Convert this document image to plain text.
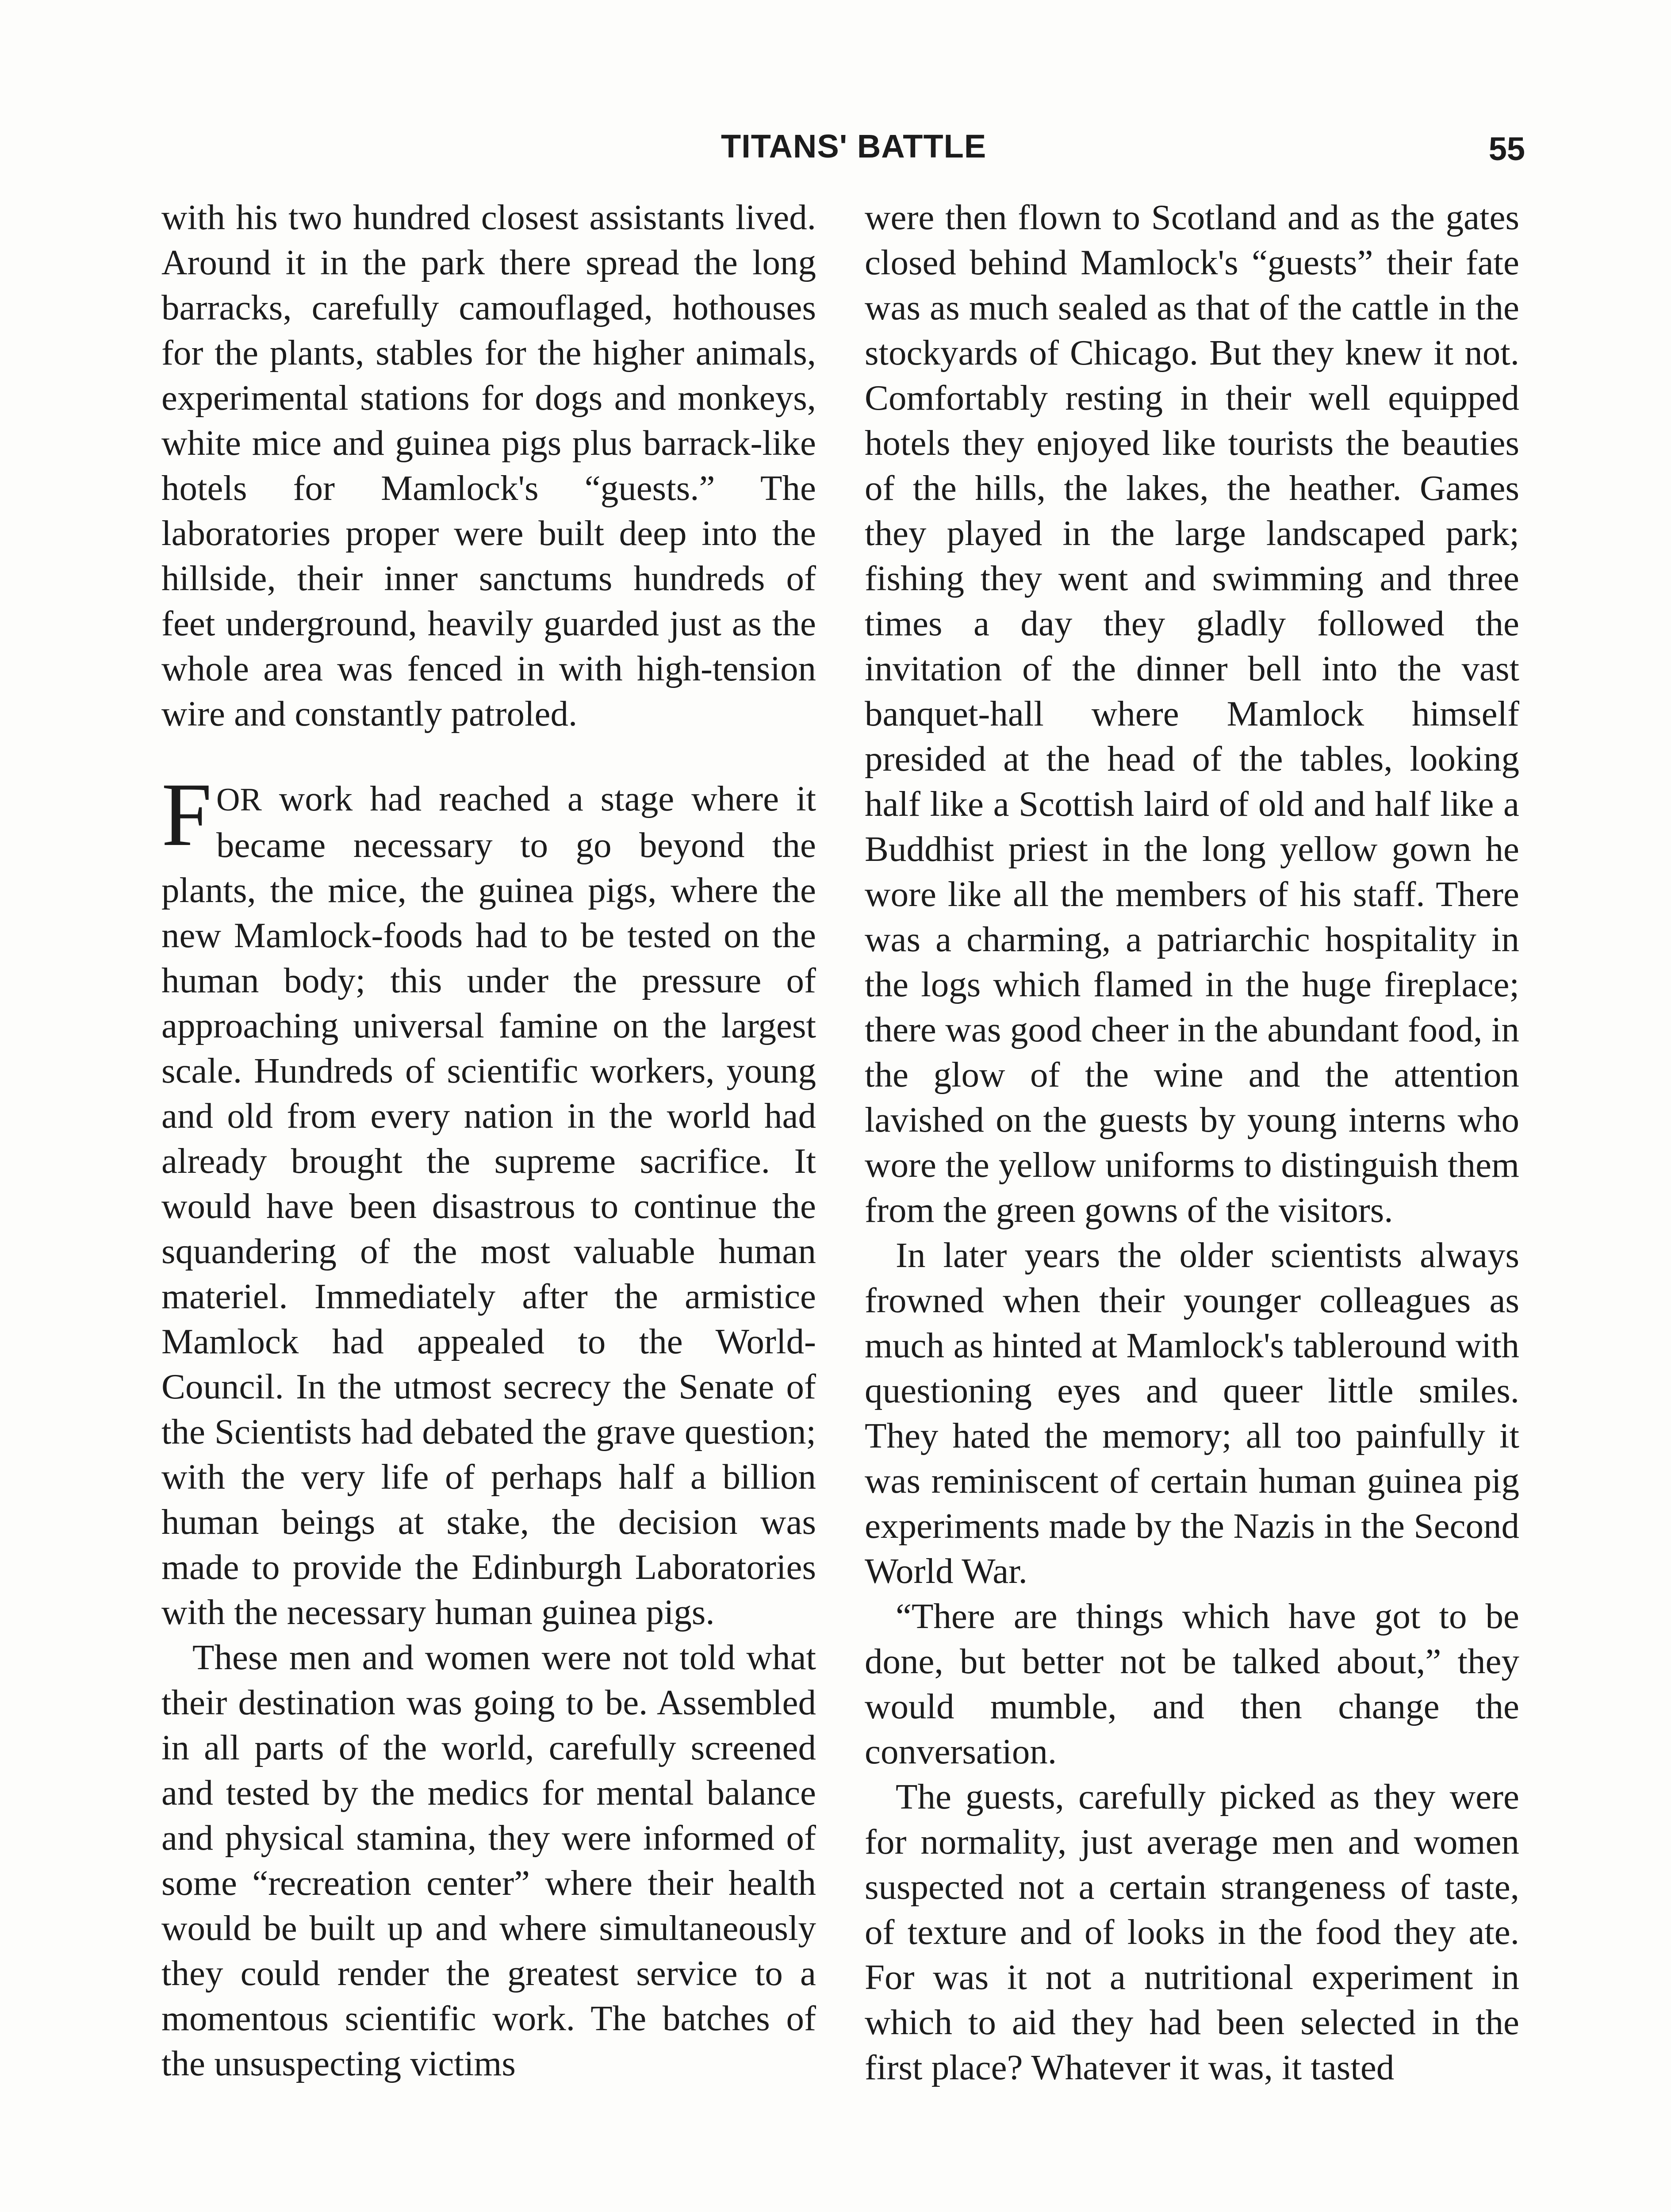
TITANS' BATTLE	55

with his two hundred closest assistants lived. Around it in the park there spread the long barracks, carefully camouflaged, hothouses for the plants, stables for the higher animals, experimental stations for dogs and monkeys, white mice and guinea pigs plus barrack-like hotels for Mamlock's “guests.” The laboratories proper were built deep into the hillside, their inner sanctums hundreds of feet underground, heavily guarded just as the whole area was fenced in with high-tension wire and constantly patroled.

FOR work had reached a stage where it became necessary to go beyond the plants, the mice, the guinea pigs, where the new Mamlock-foods had to be tested on the human body; this under the pressure of approaching universal famine on the largest scale. Hundreds of scientific workers, young and old from every nation in the world had already brought the supreme sacrifice. It would have been disastrous to continue the squandering of the most valuable human materiel. Immediately after the armistice Mamlock had appealed to the World-Council. In the utmost secrecy the Senate of the Scientists had debated the grave question; with the very life of perhaps half a billion human beings at stake, the decision was made to provide the Edinburgh Laboratories with the necessary human guinea pigs.

These men and women were not told what their destination was going to be. Assembled in all parts of the world, carefully screened and tested by the medics for mental balance and physical stamina, they were informed of some “recreation center” where their health would be built up and where simultaneously they could render the greatest service to a momentous scientific work. The batches of the unsuspecting victims

were then flown to Scotland and as the gates closed behind Mamlock's “guests” their fate was as much sealed as that of the cattle in the stockyards of Chicago. But they knew it not. Comfortably resting in their well equipped hotels they enjoyed like tourists the beauties of the hills, the lakes, the heather. Games they played in the large landscaped park; fishing they went and swimming and three times a day they gladly followed the invitation of the dinner bell into the vast banquet-hall where Mamlock himself presided at the head of the tables, looking half like a Scottish laird of old and half like a Buddhist priest in the long yellow gown he wore like all the members of his staff. There was a charming, a patriarchic hospitality in the logs which flamed in the huge fireplace; there was good cheer in the abundant food, in the glow of the wine and the attention lavished on the guests by young interns who wore the yellow uniforms to distinguish them from the green gowns of the visitors.

In later years the older scientists always frowned when their younger colleagues as much as hinted at Mamlock's tableround with questioning eyes and queer little smiles. They hated the memory; all too painfully it was reminiscent of certain human guinea pig experiments made by the Nazis in the Second World War.

“There are things which have got to be done, but better not be talked about,” they would mumble, and then change the conversation.

The guests, carefully picked as they were for normality, just average men and women suspected not a certain strangeness of taste, of texture and of looks in the food they ate. For was it not a nutritional experiment in which to aid they had been selected in the first place? Whatever it was, it tasted
